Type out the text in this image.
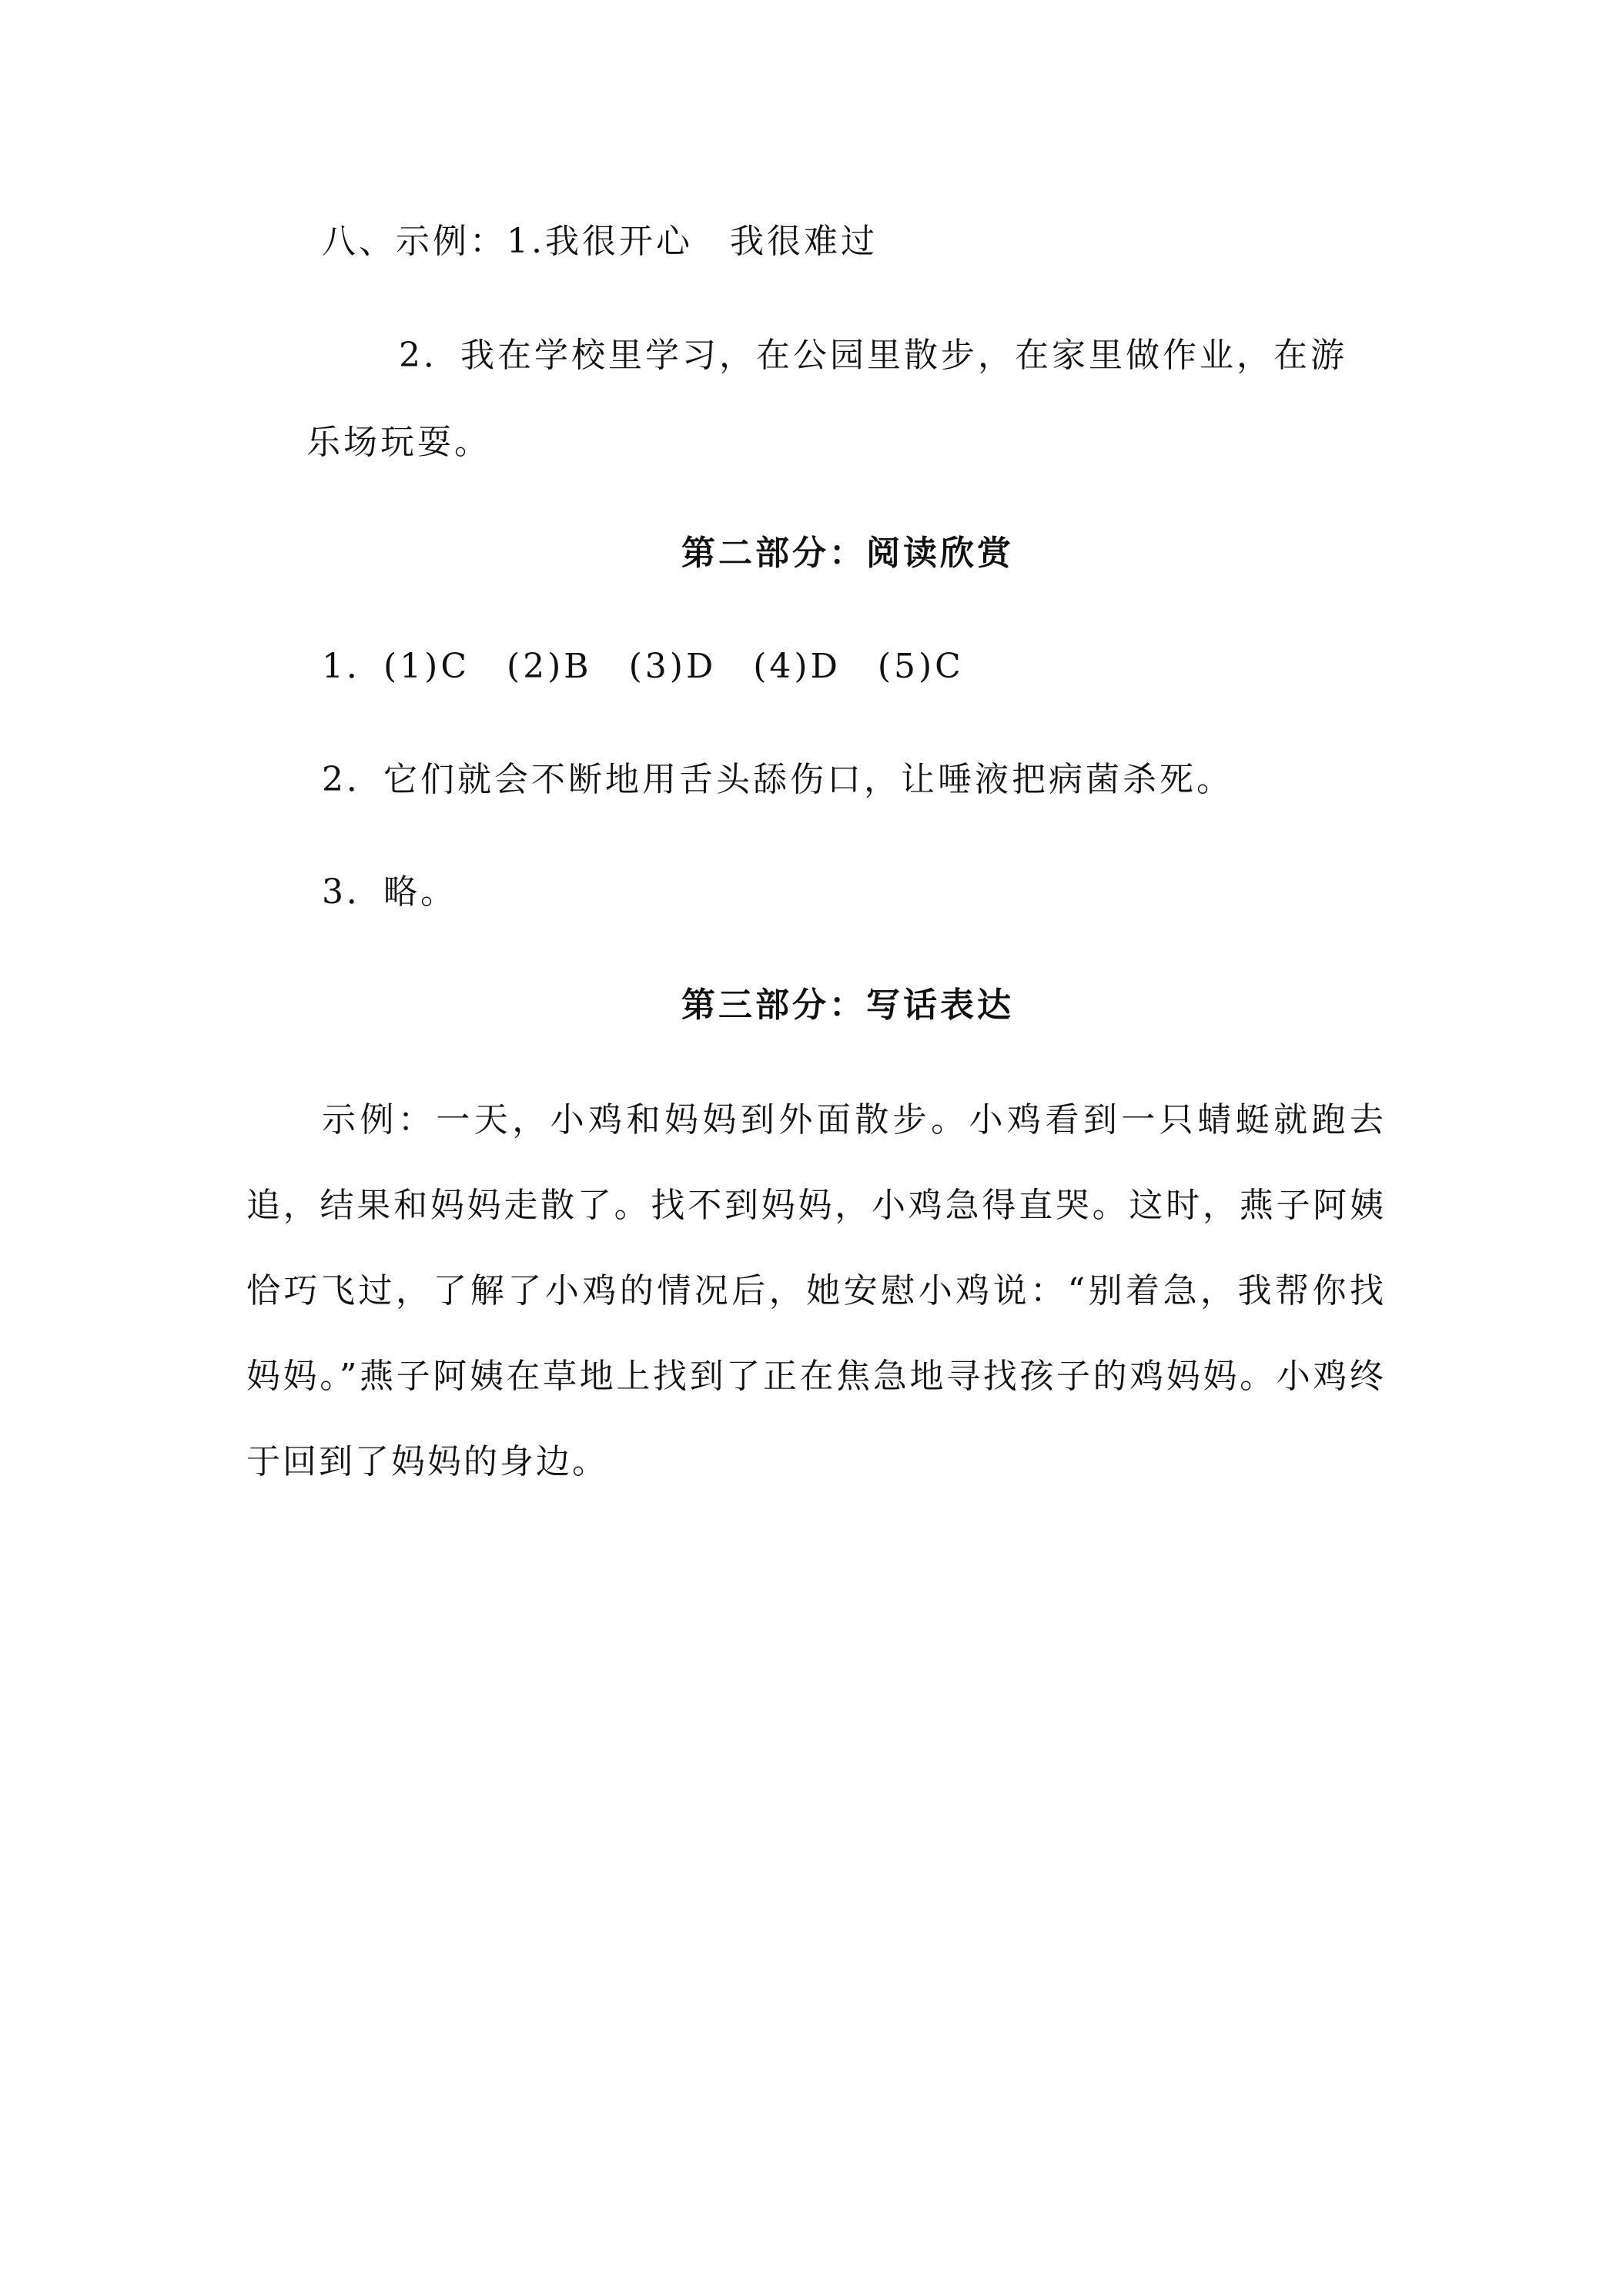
八、示例：1.我很开心　我很难过
2．我在学校里学习，在公园里散步，在家里做作业，在游
乐场玩耍。
第二部分：阅读欣赏
1．(1)C　(2)B　(3)D　(4)D　(5)C
2．它们就会不断地用舌头舔伤口，让唾液把病菌杀死。
3．略。
第三部分：写话表达
示例：一天，小鸡和妈妈到外面散步。小鸡看到一只蜻蜓就跑去追，结果和妈妈走散了。找不到妈妈，小鸡急得直哭。这时，燕子阿姨恰巧飞过，了解了小鸡的情况后，她安慰小鸡说：“别着急，我帮你找妈妈。”燕子阿姨在草地上找到了正在焦急地寻找孩子的鸡妈妈。小鸡终于回到了妈妈的身边。
